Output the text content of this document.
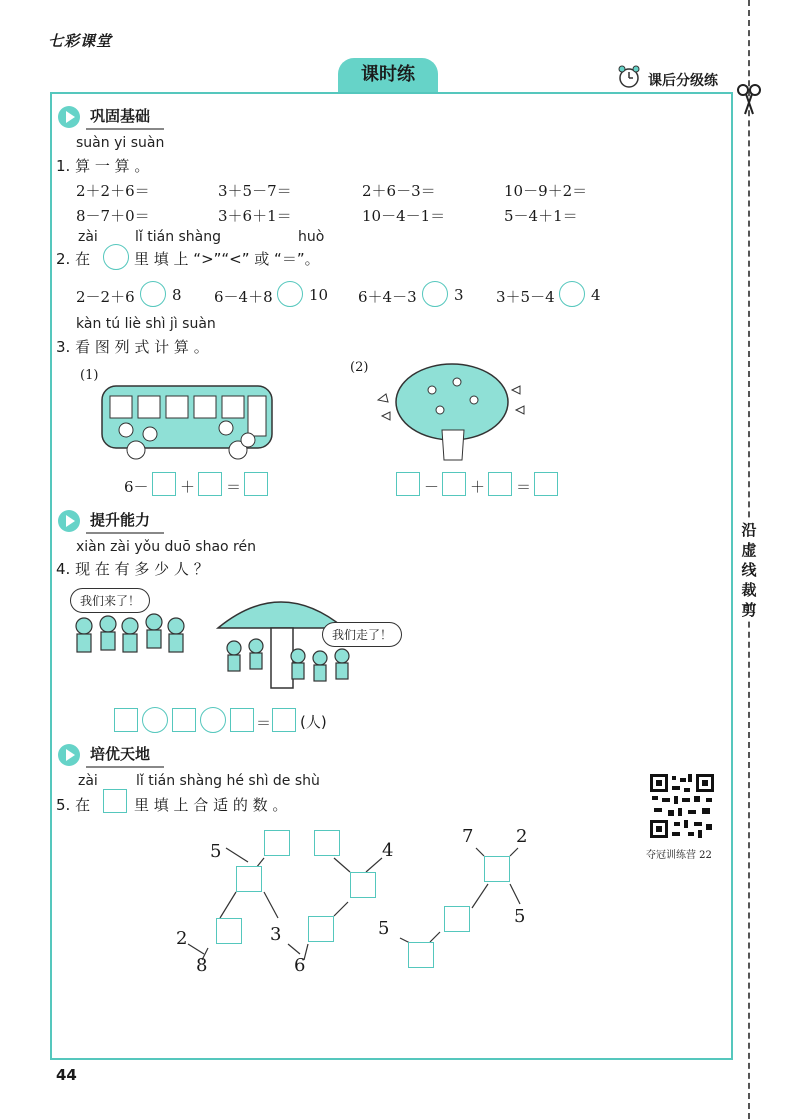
七彩课堂
课时练	课后分级练
沿虚线裁剪
巩固基础
suàn yi suàn
1. 算 一 算 。
2＋2＋6＝	3＋5－7＝	2＋6－3＝	10－9＋2＝
8－7＋0＝	3＋6＋1＝	10－4－1＝	5－4＋1＝
zài	lǐ tián shàng	huò
2. 在	里 填 上 “>”“<” 或 “＝”。
2－2＋6 8 6－4＋8 10 6＋4－3 3 3＋5－4 4
kàn tú liè shì jì suàn
3. 看 图 列 式 计 算 。
(1)
(2)
6－ ＋ ＝	－ ＋ ＝
提升能力
xiàn zài yǒu duō shao rén
4. 现 在 有 多 少 人 ？
我们来了！
我们走了！
＝ (人)
培优天地
zài	lǐ tián shàng hé shì de shù
5. 在	里 填 上 合 适 的 数 。
夺冠训练营 22
5
2
8
3
6
4
5
7 2
5
44
